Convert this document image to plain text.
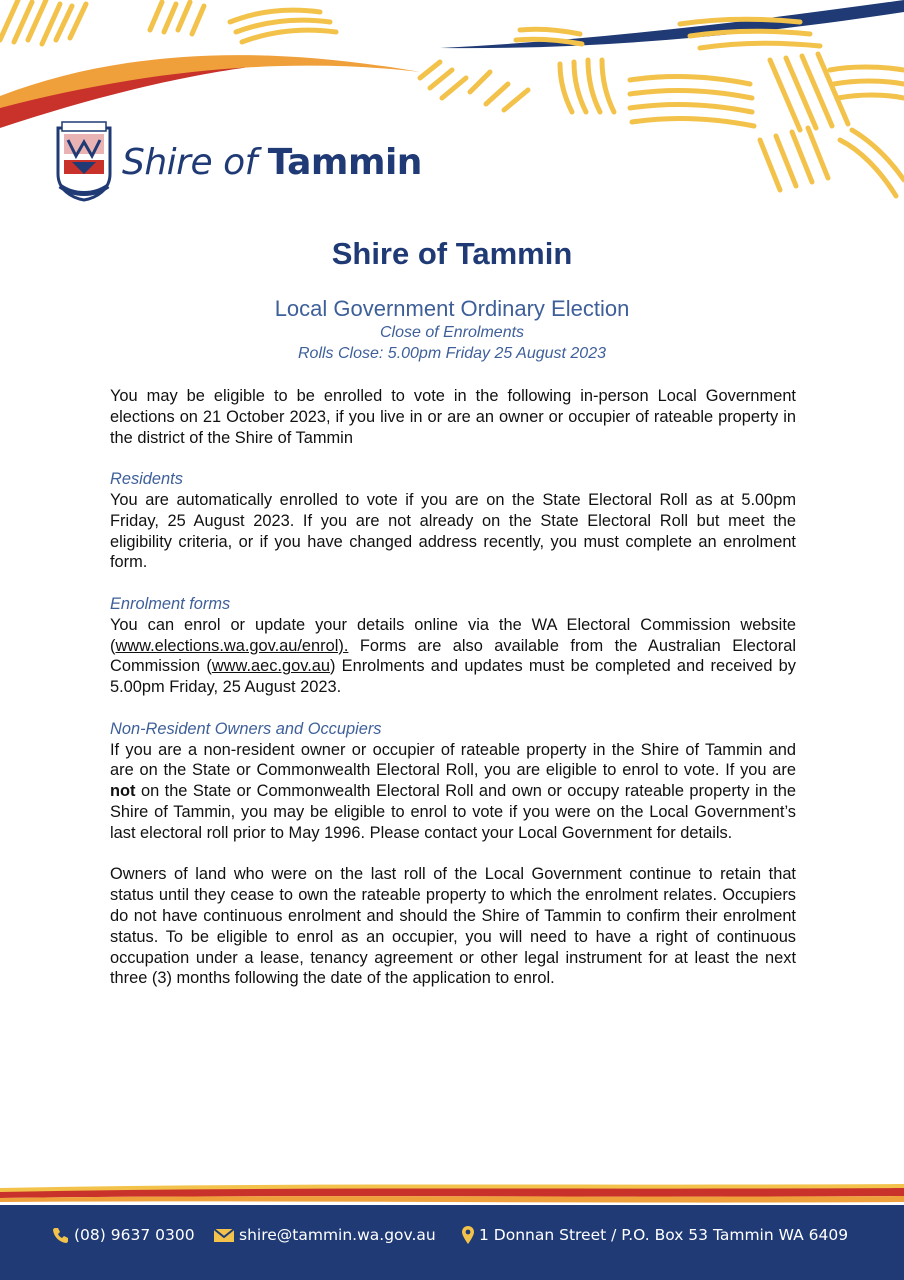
Shire of Tammin
Shire of Tammin
Local Government Ordinary Election
Close of Enrolments
Rolls Close: 5.00pm Friday 25 August 2023

You may be eligible to be enrolled to vote in the following in-person Local Government elections on 21 October 2023, if you live in or are an owner or occupier of rateable property in the district of the Shire of Tammin

Residents

You are automatically enrolled to vote if you are on the State Electoral Roll as at 5.00pm Friday, 25 August 2023. If you are not already on the State Electoral Roll but meet the eligibility criteria, or if you have changed address recently, you must complete an enrolment form.

Enrolment forms

You can enrol or update your details online via the WA Electoral Commission website (www.elections.wa.gov.au/enrol). Forms are also available from the Australian Electoral Commission (www.aec.gov.au) Enrolments and updates must be completed and received by 5.00pm Friday, 25 August 2023.

Non-Resident Owners and Occupiers

If you are a non-resident owner or occupier of rateable property in the Shire of Tammin and are on the State or Commonwealth Electoral Roll, you are eligible to enrol to vote. If you are not on the State or Commonwealth Electoral Roll and own or occupy rateable property in the Shire of Tammin, you may be eligible to enrol to vote if you were on the Local Government’s last electoral roll prior to May 1996. Please contact your Local Government for details.

Owners of land who were on the last roll of the Local Government continue to retain that status until they cease to own the rateable property to which the enrolment relates. Occupiers do not have continuous enrolment and should the Shire of Tammin to confirm their enrolment status. To be eligible to enrol as an occupier, you will need to have a right of continuous occupation under a lease, tenancy agreement or other legal instrument for at least the next three (3) months following the date of the application to enrol.

(08) 9637 0300	shire@tammin.wa.gov.au	1 Donnan Street / P.O. Box 53 Tammin WA 6409
